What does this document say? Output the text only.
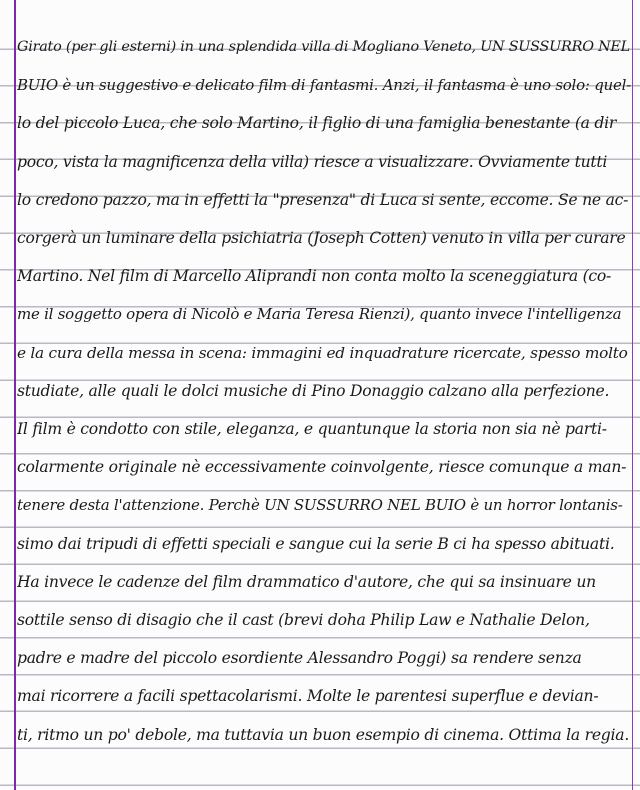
Girato (per gli esterni) in una splendida villa di Mogliano Veneto, UN SUSSURRO NEL
BUIO è un suggestivo e delicato film di fantasmi. Anzi, il fantasma è uno solo: quel-
lo del piccolo Luca, che solo Martino, il figlio di una famiglia benestante (a dir
poco, vista la magnificenza della villa) riesce a visualizzare. Ovviamente tutti
lo credono pazzo, ma in effetti la "presenza" di Luca si sente, eccome. Se ne ac-
corgerà un luminare della psichiatria (Joseph Cotten) venuto in villa per curare
Martino. Nel film di Marcello Aliprandi non conta molto la sceneggiatura (co-
me il soggetto opera di Nicolò e Maria Teresa Rienzi), quanto invece l'intelligenza
e la cura della messa in scena: immagini ed inquadrature ricercate, spesso molto
studiate, alle quali le dolci musiche di Pino Donaggio calzano alla perfezione.
Il film è condotto con stile, eleganza, e quantunque la storia non sia nè parti-
colarmente originale nè eccessivamente coinvolgente, riesce comunque a man-
tenere desta l'attenzione. Perchè UN SUSSURRO NEL BUIO è un horror lontanis-
simo dai tripudi di effetti speciali e sangue cui la serie B ci ha spesso abituati.
Ha invece le cadenze del film drammatico d'autore, che qui sa insinuare un
sottile senso di disagio che il cast (brevi doha Philip Law e Nathalie Delon,
padre e madre del piccolo esordiente Alessandro Poggi) sa rendere senza
mai ricorrere a facili spettacolarismi. Molte le parentesi superflue e devian-
ti, ritmo un po' debole, ma tuttavia un buon esempio di cinema. Ottima la regia.
